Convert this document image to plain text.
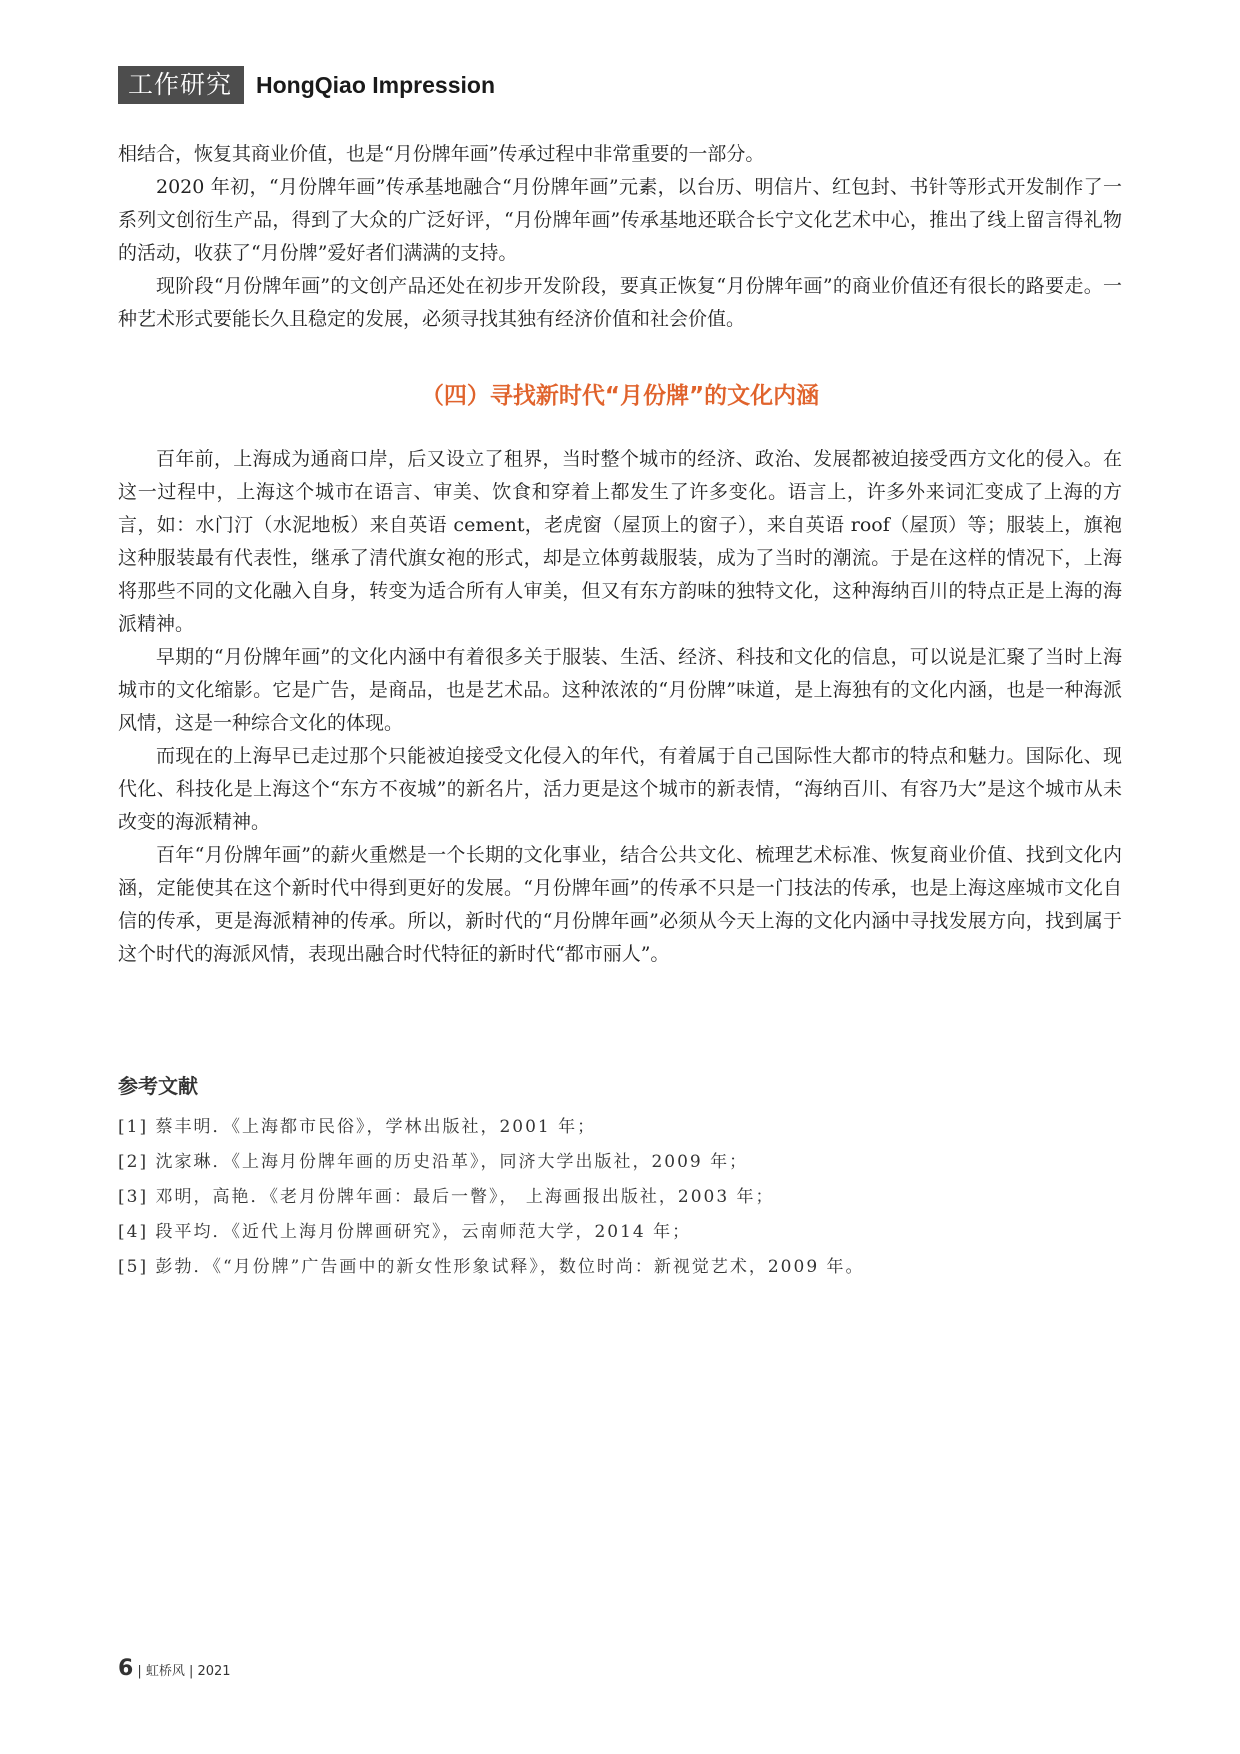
工作研究	HongQiao Impression

相结合，恢复其商业价值，也是“月份牌年画”传承过程中非常重要的一部分。

2020 年初，“月份牌年画”传承基地融合“月份牌年画”元素，以台历、明信片、红包封、书针等形式开发制作了一系列文创衍生产品，得到了大众的广泛好评，“月份牌年画”传承基地还联合长宁文化艺术中心，推出了线上留言得礼物的活动，收获了“月份牌”爱好者们满满的支持。

现阶段“月份牌年画”的文创产品还处在初步开发阶段，要真正恢复“月份牌年画”的商业价值还有很长的路要走。一种艺术形式要能长久且稳定的发展，必须寻找其独有经济价值和社会价值。

（四）寻找新时代“月份牌”的文化内涵

百年前，上海成为通商口岸，后又设立了租界，当时整个城市的经济、政治、发展都被迫接受西方文化的侵入。在这一过程中，上海这个城市在语言、审美、饮食和穿着上都发生了许多变化。语言上，许多外来词汇变成了上海的方言，如：水门汀（水泥地板）来自英语 cement，老虎窗（屋顶上的窗子），来自英语 roof（屋顶）等；服装上，旗袍这种服装最有代表性，继承了清代旗女袍的形式，却是立体剪裁服装，成为了当时的潮流。于是在这样的情况下，上海将那些不同的文化融入自身，转变为适合所有人审美，但又有东方韵味的独特文化，这种海纳百川的特点正是上海的海派精神。

早期的“月份牌年画”的文化内涵中有着很多关于服装、生活、经济、科技和文化的信息，可以说是汇聚了当时上海城市的文化缩影。它是广告，是商品，也是艺术品。这种浓浓的“月份牌”味道，是上海独有的文化内涵，也是一种海派风情，这是一种综合文化的体现。

而现在的上海早已走过那个只能被迫接受文化侵入的年代，有着属于自己国际性大都市的特点和魅力。国际化、现代化、科技化是上海这个“东方不夜城”的新名片，活力更是这个城市的新表情，“海纳百川、有容乃大”是这个城市从未改变的海派精神。

百年“月份牌年画”的薪火重燃是一个长期的文化事业，结合公共文化、梳理艺术标准、恢复商业价值、找到文化内涵，定能使其在这个新时代中得到更好的发展。“月份牌年画”的传承不只是一门技法的传承，也是上海这座城市文化自信的传承，更是海派精神的传承。所以，新时代的“月份牌年画”必须从今天上海的文化内涵中寻找发展方向，找到属于这个时代的海派风情，表现出融合时代特征的新时代“都市丽人”。

参考文献
[1] 蔡丰明．《上海都市民俗》，学林出版社，2001 年；
[2] 沈家琳．《上海月份牌年画的历史沿革》，同济大学出版社，2009 年；
[3] 邓明，高艳．《老月份牌年画：最后一瞥》， 上海画报出版社，2003 年；
[4] 段平均．《近代上海月份牌画研究》，云南师范大学，2014 年；
[5] 彭勃．《“月份牌”广告画中的新女性形象试释》，数位时尚：新视觉艺术，2009 年。
6 | 虹桥风 | 2021
